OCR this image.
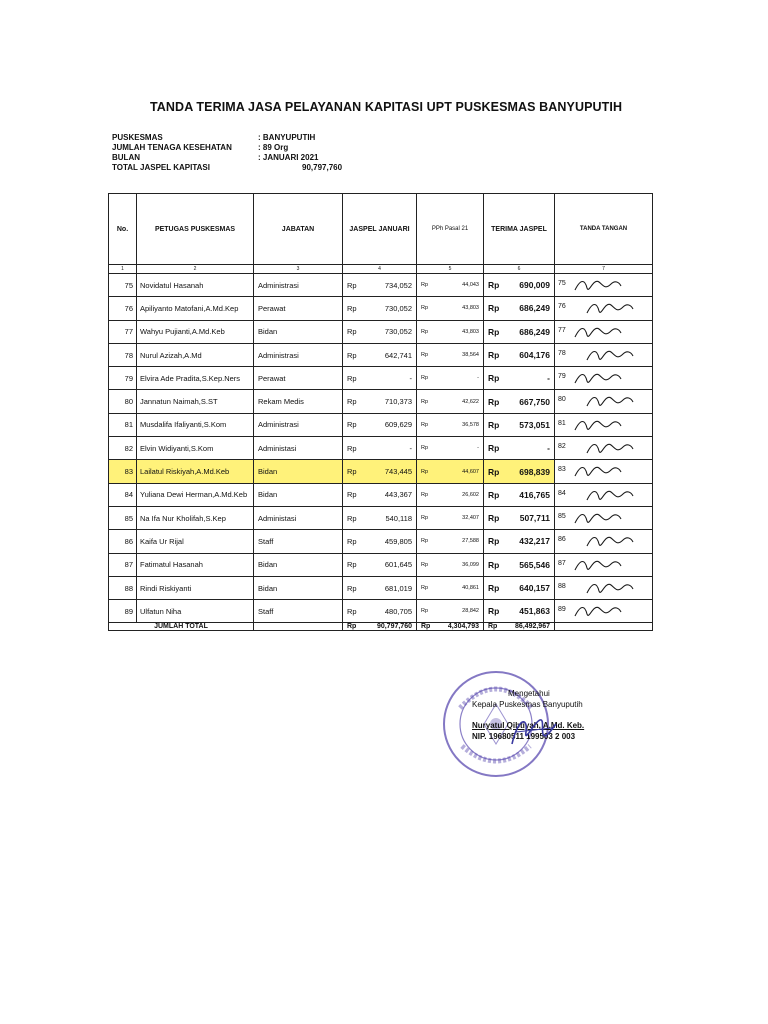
TANDA TERIMA JASA PELAYANAN KAPITASI UPT PUSKESMAS BANYUPUTIH
PUSKESMAS	: BANYUPUTIH
JUMLAH TENAGA KESEHATAN	: 89 Org
BULAN	: JANUARI 2021
TOTAL JASPEL KAPITASI	90,797,760
No.	PETUGAS PUSKESMAS	JABATAN	JASPEL JANUARI	PPh Pasal 21	TERIMA JASPEL	TANDA TANGAN
1	2	3	4	5	6	7
75	Novidatul Hasanah	Administrasi	Rp 734,052	Rp 44,043	Rp 690,009	75

76	Apiliyanto Matofani,A.Md.Kep	Perawat	Rp 730,052	Rp 43,803	Rp 686,249	76

77	Wahyu Pujianti,A.Md.Keb	Bidan	Rp 730,052	Rp 43,803	Rp 686,249	77

78	Nurul Azizah,A.Md	Administrasi	Rp 642,741	Rp 38,564	Rp 604,176	78

79	Elvira Ade Pradita,S.Kep.Ners	Perawat	Rp -	Rp -	Rp -	79

80	Jannatun Naimah,S.ST	Rekam Medis	Rp 710,373	Rp 42,622	Rp 667,750	80

81	Musdalifa Ifaliyanti,S.Kom	Administrasi	Rp 609,629	Rp 36,578	Rp 573,051	81

82	Elvin Widiyanti,S.Kom	Administasi	Rp -	Rp -	Rp -	82

83	Lailatul Riskiyah,A.Md.Keb	Bidan	Rp 743,445	Rp 44,607	Rp 698,839	83

84	Yuliana Dewi Herman,A.Md.Keb	Bidan	Rp 443,367	Rp 26,602	Rp 416,765	84

85	Na Ifa Nur Kholifah,S.Kep	Administasi	Rp 540,118	Rp 32,407	Rp 507,711	85

86	Kaifa Ur Rijal	Staff	Rp 459,805	Rp 27,588	Rp 432,217	86

87	Fatimatul Hasanah	Bidan	Rp 601,645	Rp 36,099	Rp 565,546	87

88	Rindi Riskiyanti	Bidan	Rp 681,019	Rp 40,861	Rp 640,157	88

89	Ulfatun Niha	Staff	Rp 480,705	Rp 28,842	Rp 451,863	89

JUMLAH TOTAL			Rp 90,797,760	Rp 4,304,793	Rp 86,492,967	

Mengetahui
Kepala Puskesmas Banyuputih
Nuryatul Qibtiyah, A.Md. Keb.
NIP. 19680511 199503 2 003
